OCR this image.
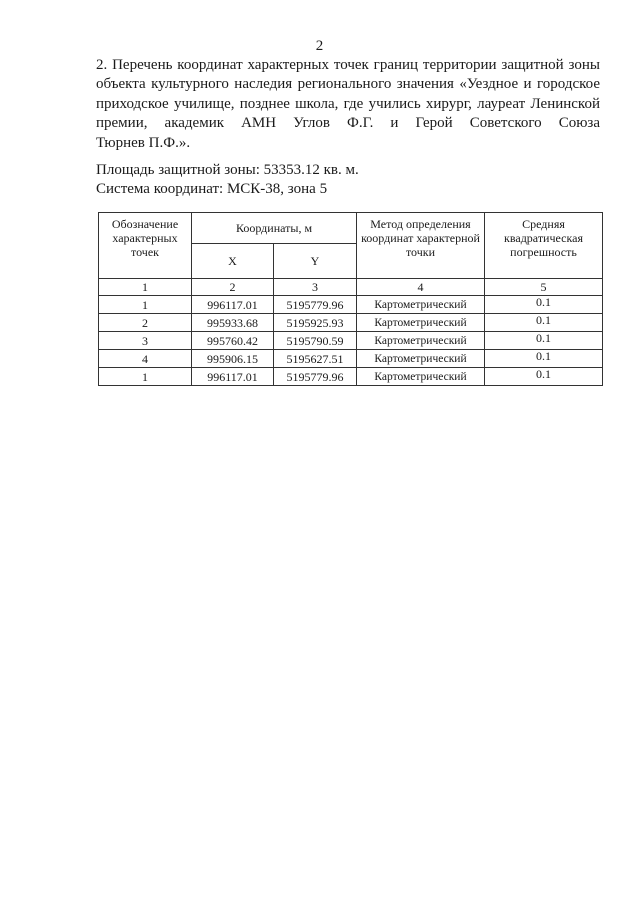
2
2. Перечень координат характерных точек границ территории защитной зоны
объекта культурного наследия регионального значения «Уездное и городское
приходское училище, позднее школа, где учились хирург, лауреат Ленинской
премии, академик АМН Углов Ф.Г. и Герой Советского Союза
Тюрнев П.Ф.».
Площадь защитной зоны: 53353.12 кв. м.
Система координат: МСК-38, зона 5
Обозначение характерных точек	Координаты, м		Метод определения координат характерной точки	Средняя квадратическая погрешность
	X	Y		
1	2	3	4	5
1	996117.01	5195779.96	Картометрический	0.1
2	995933.68	5195925.93	Картометрический	0.1
3	995760.42	5195790.59	Картометрический	0.1
4	995906.15	5195627.51	Картометрический	0.1
1	996117.01	5195779.96	Картометрический	0.1
